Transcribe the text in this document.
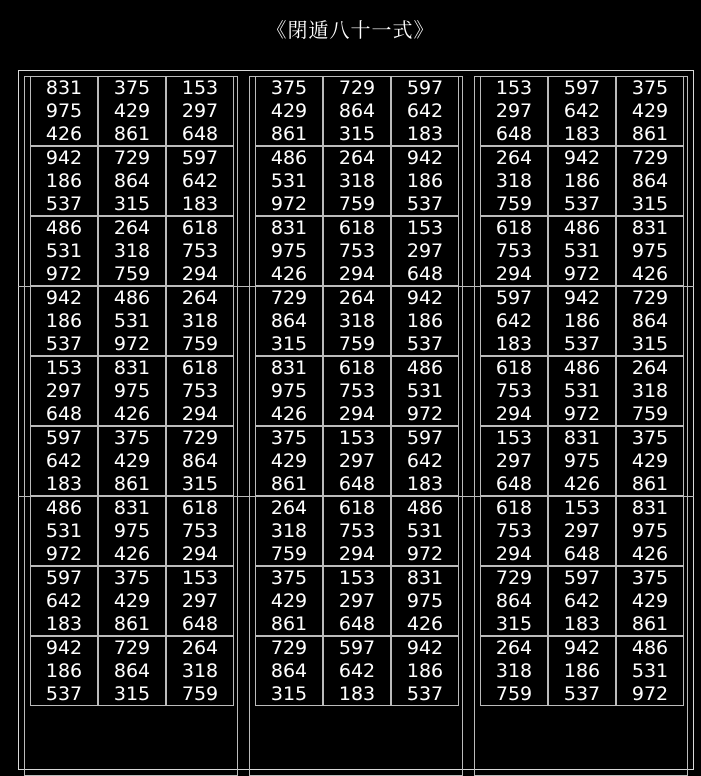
《閉遁八十一式》
831
975
426
375
429
861
153
297
648
375
429
861
729
864
315
597
642
183
153
297
648
597
642
183
375
429
861
942
186
537
729
864
315
597
642
183
486
531
972
264
318
759
942
186
537
264
318
759
942
186
537
729
864
315
486
531
972
264
318
759
618
753
294
831
975
426
618
753
294
153
297
648
618
753
294
486
531
972
831
975
426
942
186
537
486
531
972
264
318
759
729
864
315
264
318
759
942
186
537
597
642
183
942
186
537
729
864
315
153
297
648
831
975
426
618
753
294
831
975
426
618
753
294
486
531
972
618
753
294
486
531
972
264
318
759
597
642
183
375
429
861
729
864
315
375
429
861
153
297
648
597
642
183
153
297
648
831
975
426
375
429
861
486
531
972
831
975
426
618
753
294
264
318
759
618
753
294
486
531
972
618
753
294
153
297
648
831
975
426
597
642
183
375
429
861
153
297
648
375
429
861
153
297
648
831
975
426
729
864
315
597
642
183
375
429
861
942
186
537
729
864
315
264
318
759
729
864
315
597
642
183
942
186
537
264
318
759
942
186
537
486
531
972
